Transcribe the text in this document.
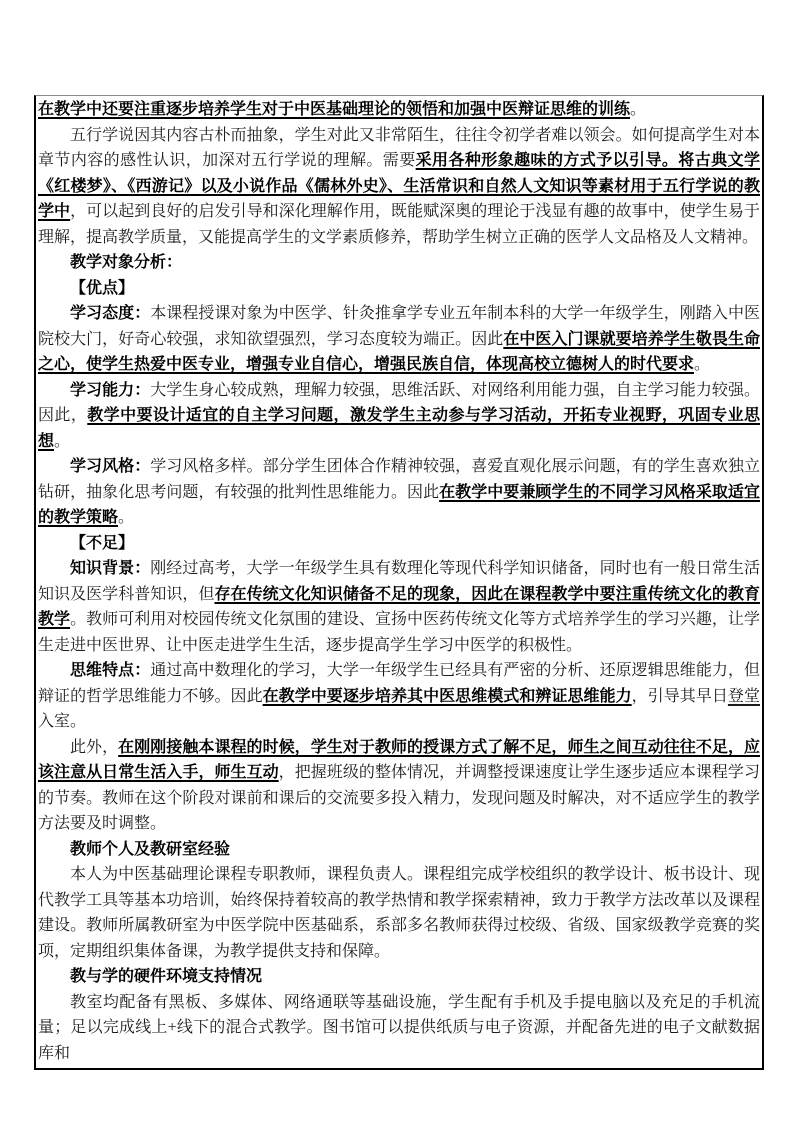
在教学中还要注重逐步培养学生对于中医基础理论的领悟和加强中医辩证思维的训练。

五行学说因其内容古朴而抽象，学生对此又非常陌生，往往令初学者难以领会。如何提高学生对本章节内容的感性认识，加深对五行学说的理解。需要采用各种形象趣味的方式予以引导。将古典文学《红楼梦》、《西游记》以及小说作品《儒林外史》、生活常识和自然人文知识等素材用于五行学说的教学中，可以起到良好的启发引导和深化理解作用，既能赋深奥的理论于浅显有趣的故事中，使学生易于理解，提高教学质量，又能提高学生的文学素质修养，帮助学生树立正确的医学人文品格及人文精神。

教学对象分析：

【优点】

学习态度：本课程授课对象为中医学、针灸推拿学专业五年制本科的大学一年级学生，刚踏入中医院校大门，好奇心较强，求知欲望强烈，学习态度较为端正。因此在中医入门课就要培养学生敬畏生命之心，使学生热爱中医专业，增强专业自信心，增强民族自信，体现高校立德树人的时代要求。

学习能力：大学生身心较成熟，理解力较强，思维活跃、对网络利用能力强，自主学习能力较强。因此，教学中要设计适宜的自主学习问题，激发学生主动参与学习活动，开拓专业视野，巩固专业思想。

学习风格：学习风格多样。部分学生团体合作精神较强，喜爱直观化展示问题，有的学生喜欢独立钻研，抽象化思考问题，有较强的批判性思维能力。因此在教学中要兼顾学生的不同学习风格采取适宜的教学策略。

【不足】

知识背景：刚经过高考，大学一年级学生具有数理化等现代科学知识储备，同时也有一般日常生活知识及医学科普知识，但存在传统文化知识储备不足的现象，因此在课程教学中要注重传统文化的教育教学。教师可利用对校园传统文化氛围的建设、宣扬中医药传统文化等方式培养学生的学习兴趣，让学生走进中医世界、让中医走进学生生活，逐步提高学生学习中医学的积极性。

思维特点：通过高中数理化的学习，大学一年级学生已经具有严密的分析、还原逻辑思维能力，但辩证的哲学思维能力不够。因此在教学中要逐步培养其中医思维模式和辨证思维能力，引导其早日登堂入室。

此外，在刚刚接触本课程的时候，学生对于教师的授课方式了解不足，师生之间互动往往不足，应该注意从日常生活入手，师生互动，把握班级的整体情况，并调整授课速度让学生逐步适应本课程学习的节奏。教师在这个阶段对课前和课后的交流要多投入精力，发现问题及时解决，对不适应学生的教学方法要及时调整。

教师个人及教研室经验

本人为中医基础理论课程专职教师，课程负责人。课程组完成学校组织的教学设计、板书设计、现代教学工具等基本功培训，始终保持着较高的教学热情和教学探索精神，致力于教学方法改革以及课程建设。教师所属教研室为中医学院中医基础系，系部多名教师获得过校级、省级、国家级教学竞赛的奖项，定期组织集体备课，为教学提供支持和保障。

教与学的硬件环境支持情况

教室均配备有黑板、多媒体、网络通联等基础设施，学生配有手机及手提电脑以及充足的手机流量；足以完成线上+线下的混合式教学。图书馆可以提供纸质与电子资源，并配备先进的电子文献数据库和
